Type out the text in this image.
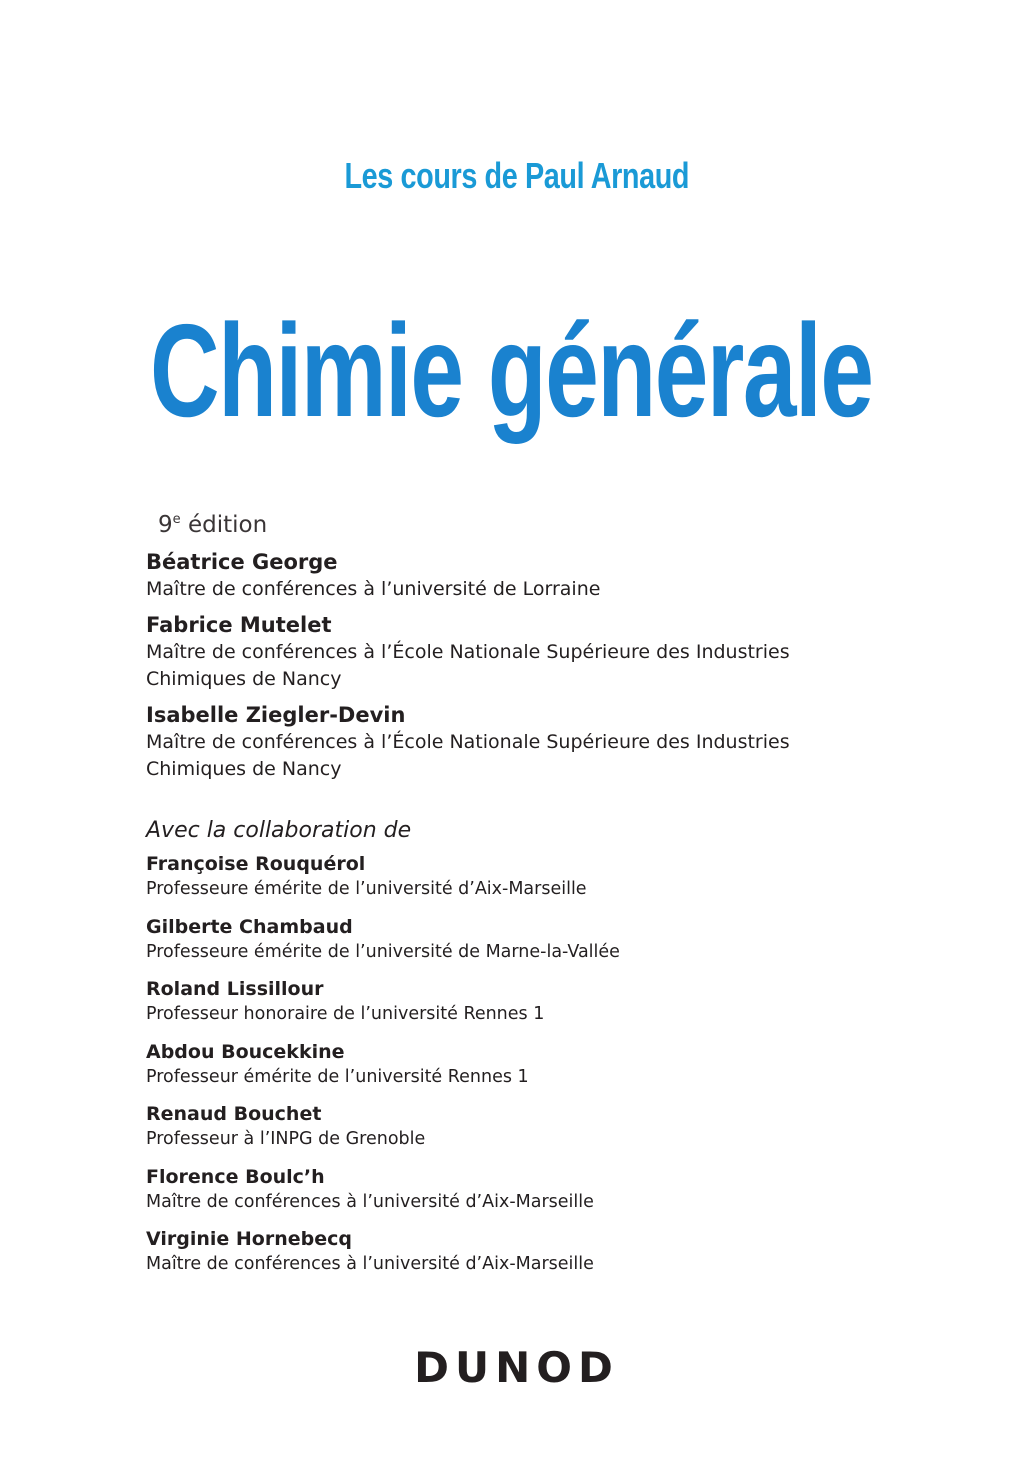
Les cours de Paul Arnaud
Chimie générale
9e édition
Béatrice George
Maître de conférences à l’université de Lorraine
Fabrice Mutelet
Maître de conférences à l’École Nationale Supérieure des Industries
Chimiques de Nancy
Isabelle Ziegler-Devin
Maître de conférences à l’École Nationale Supérieure des Industries
Chimiques de Nancy
Avec la collaboration de
Françoise Rouquérol
Professeure émérite de l’université d’Aix-Marseille
Gilberte Chambaud
Professeure émérite de l’université de Marne-la-Vallée
Roland Lissillour
Professeur honoraire de l’université Rennes 1
Abdou Boucekkine
Professeur émérite de l’université Rennes 1
Renaud Bouchet
Professeur à l’INPG de Grenoble
Florence Boulc’h
Maître de conférences à l’université d’Aix-Marseille
Virginie Hornebecq
Maître de conférences à l’université d’Aix-Marseille
DUNOD
